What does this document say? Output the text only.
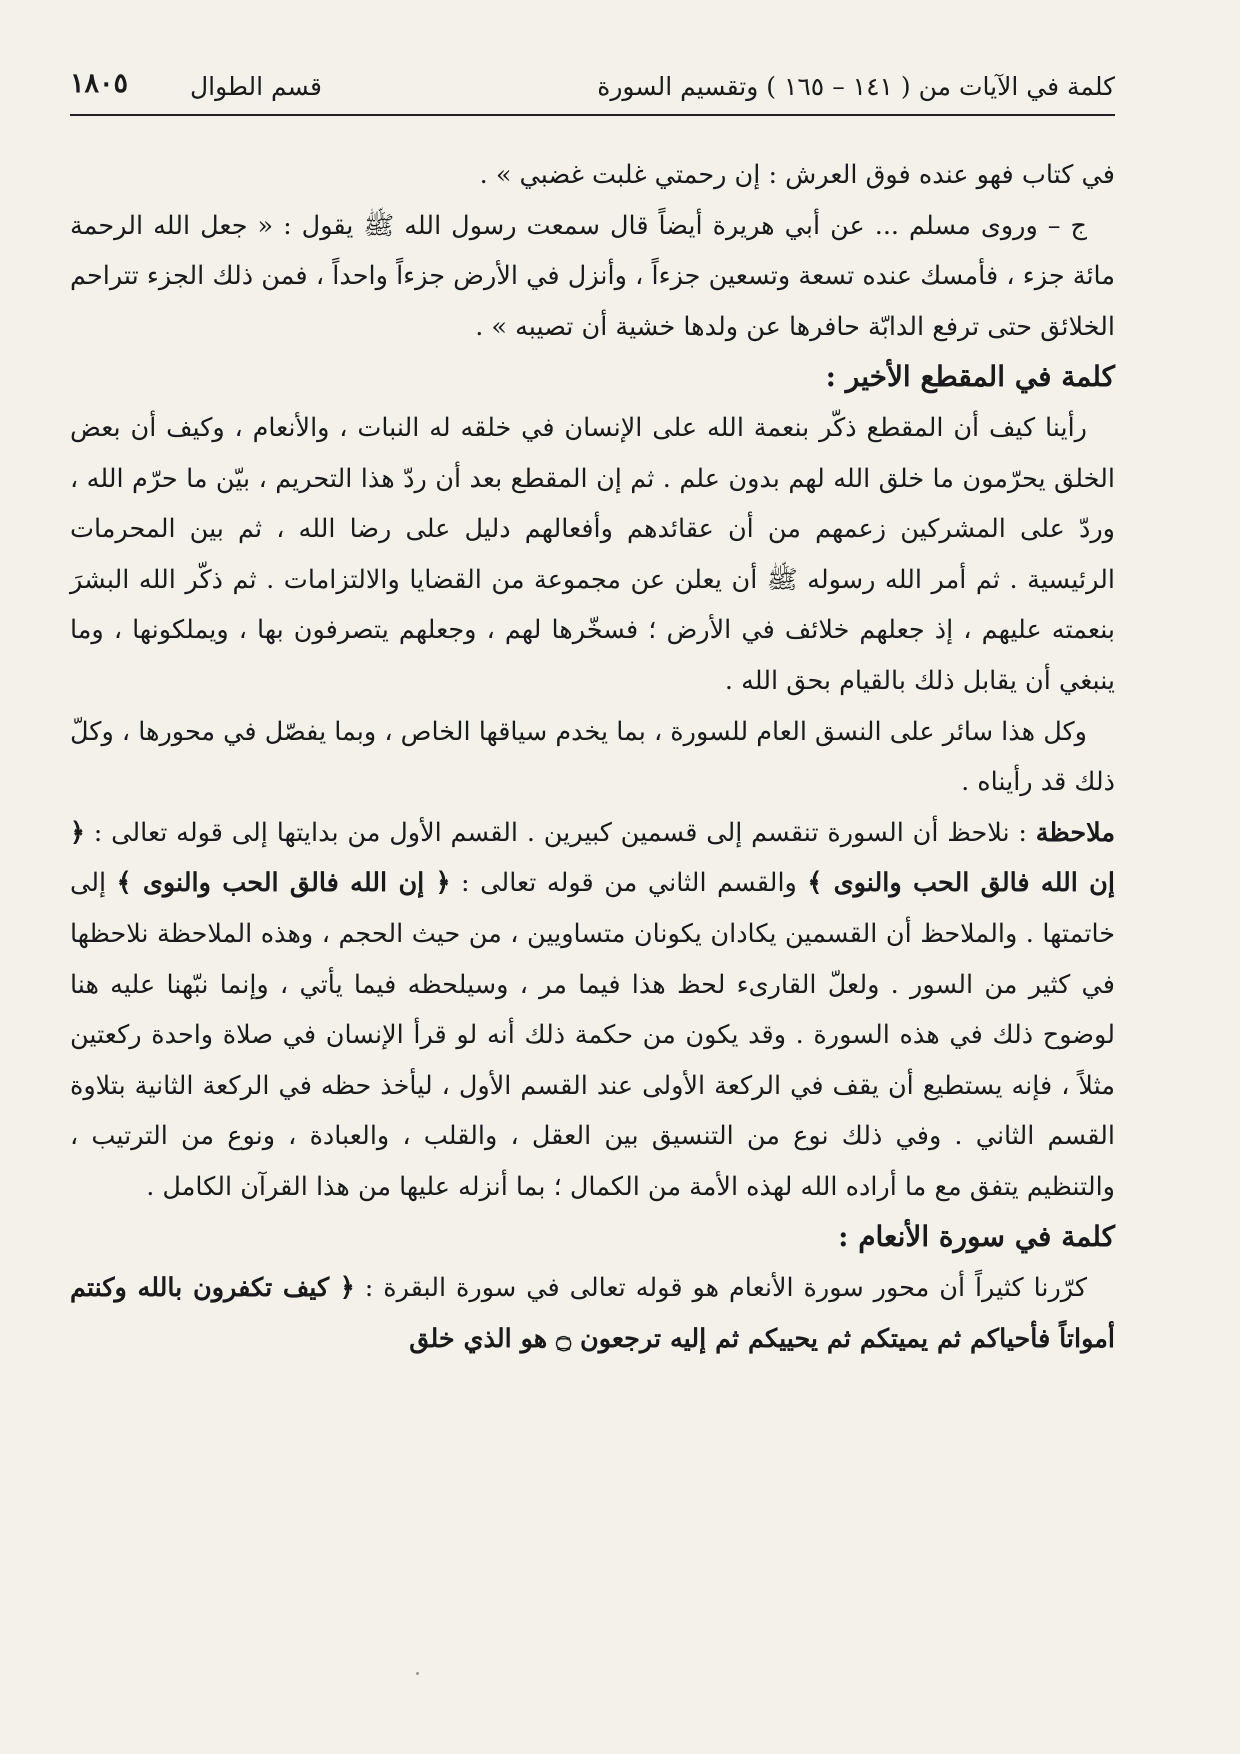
كلمة في الآيات من ( ١٤١ – ١٦٥ ) وتقسيم السورة
قسم الطوال
١٨٠٥

في كتاب فهو عنده فوق العرش : إن رحمتي غلبت غضبي » .

ج – وروى مسلم ... عن أبي هريرة أيضاً قال سمعت رسول الله ﷺ يقول : « جعل الله الرحمة مائة جزء ، فأمسك عنده تسعة وتسعين جزءاً ، وأنزل في الأرض جزءاً واحداً ، فمن ذلك الجزء تتراحم الخلائق حتى ترفع الدابّة حافرها عن ولدها خشية أن تصيبه » .

كلمة في المقطع الأخير :

رأينا كيف أن المقطع ذكّر بنعمة الله على الإنسان في خلقه له النبات ، والأنعام ، وكيف أن بعض الخلق يحرّمون ما خلق الله لهم بدون علم . ثم إن المقطع بعد أن ردّ هذا التحريم ، بيّن ما حرّم الله ، وردّ على المشركين زعمهم من أن عقائدهم وأفعالهم دليل على رضا الله ، ثم بين المحرمات الرئيسية . ثم أمر الله رسوله ﷺ أن يعلن عن مجموعة من القضايا والالتزامات . ثم ذكّر الله البشرَ بنعمته عليهم ، إذ جعلهم خلائف في الأرض ؛ فسخّرها لهم ، وجعلهم يتصرفون بها ، ويملكونها ، وما ينبغي أن يقابل ذلك بالقيام بحق الله .

وكل هذا سائر على النسق العام للسورة ، بما يخدم سياقها الخاص ، وبما يفصّل في محورها ، وكلّ ذلك قد رأيناه .

ملاحظة : نلاحظ أن السورة تنقسم إلى قسمين كبيرين . القسم الأول من بدايتها إلى قوله تعالى : ﴿ إن الله فالق الحب والنوى ﴾ والقسم الثاني من قوله تعالى : ﴿ إن الله فالق الحب والنوى ﴾ إلى خاتمتها . والملاحظ أن القسمين يكادان يكونان متساويين ، من حيث الحجم ، وهذه الملاحظة نلاحظها في كثير من السور . ولعلّ القارىء لحظ هذا فيما مر ، وسيلحظه فيما يأتي ، وإنما نبّهنا عليه هنا لوضوح ذلك في هذه السورة . وقد يكون من حكمة ذلك أنه لو قرأ الإنسان في صلاة واحدة ركعتين مثلاً ، فإنه يستطيع أن يقف في الركعة الأولى عند القسم الأول ، ليأخذ حظه في الركعة الثانية بتلاوة القسم الثاني . وفي ذلك نوع من التنسيق بين العقل ، والقلب ، والعبادة ، ونوع من الترتيب ، والتنظيم يتفق مع ما أراده الله لهذه الأمة من الكمال ؛ بما أنزله عليها من هذا القرآن الكامل .

كلمة في سورة الأنعام :

كرّرنا كثيراً أن محور سورة الأنعام هو قوله تعالى في سورة البقرة : ﴿ كيف تكفرون بالله وكنتم أمواتاً فأحياكم ثم يميتكم ثم يحييكم ثم إليه ترجعون ۝ هو الذي خلق
